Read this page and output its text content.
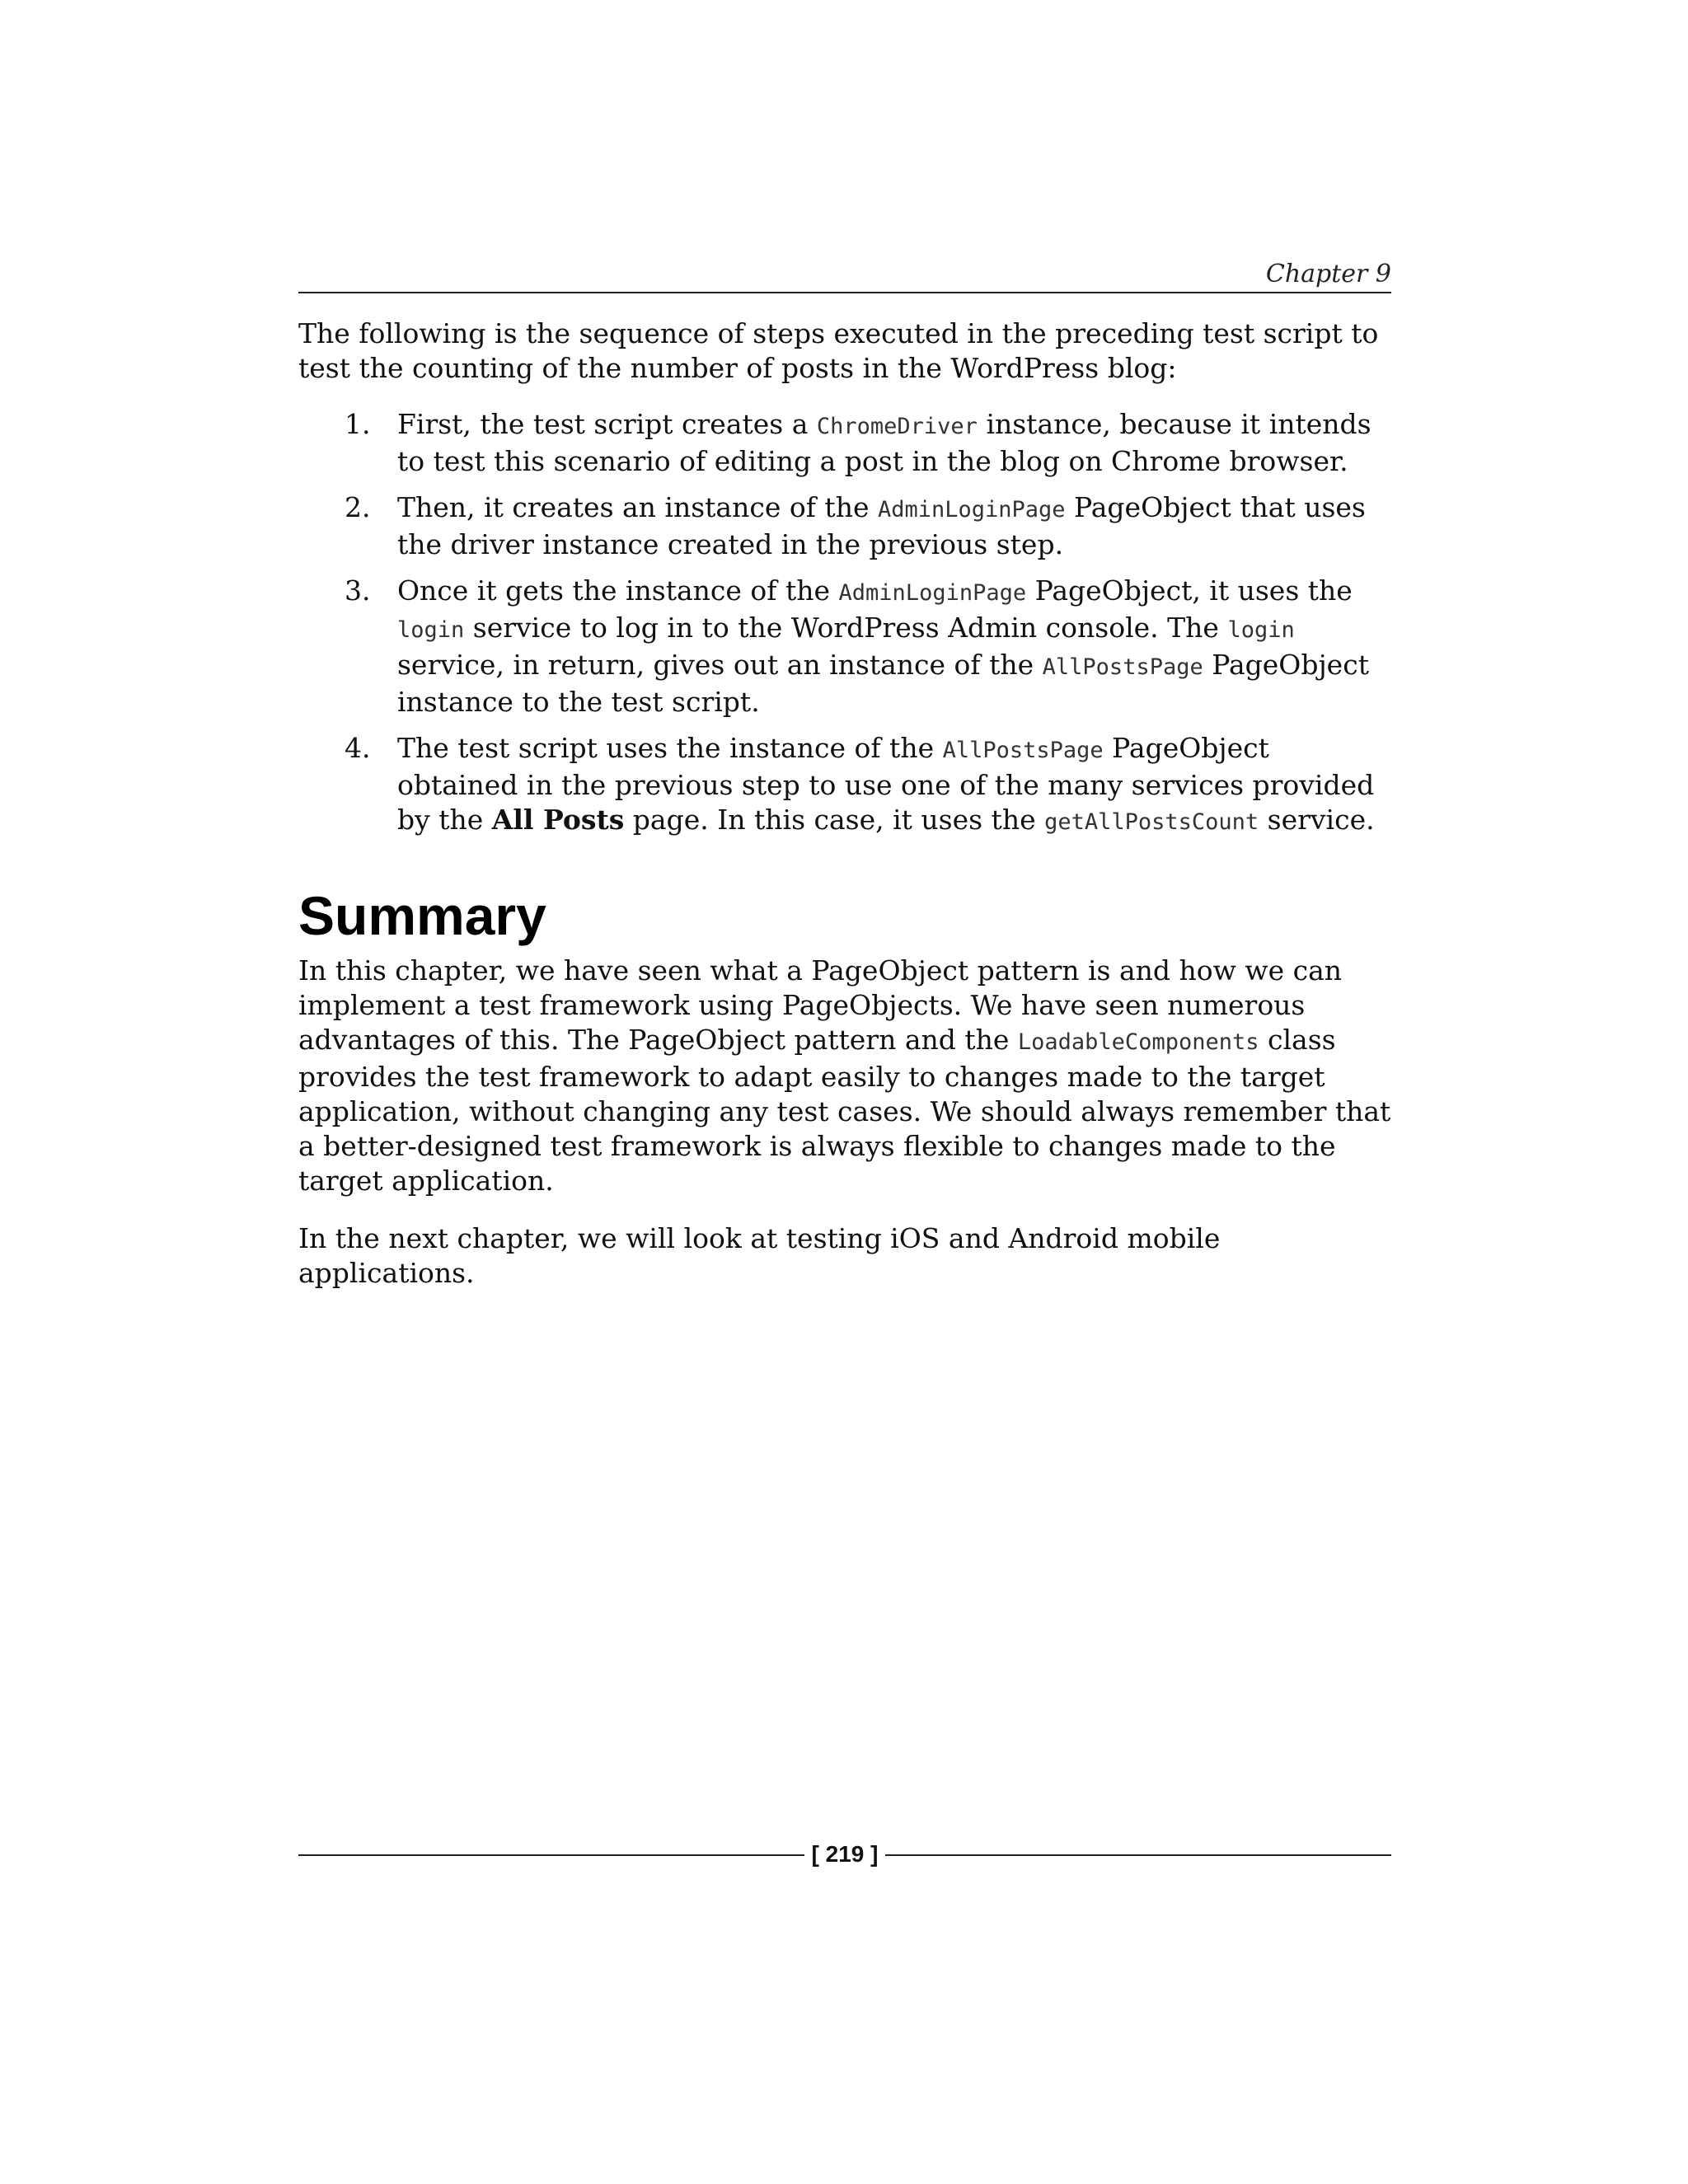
Chapter 9

The following is the sequence of steps executed in the preceding test script to test the counting of the number of posts in the WordPress blog:

1. First, the test script creates a ChromeDriver instance, because it intends to test this scenario of editing a post in the blog on Chrome browser.
2. Then, it creates an instance of the AdminLoginPage PageObject that uses the driver instance created in the previous step.
3. Once it gets the instance of the AdminLoginPage PageObject, it uses the login service to log in to the WordPress Admin console. The login service, in return, gives out an instance of the AllPostsPage PageObject instance to the test script.
4. The test script uses the instance of the AllPostsPage PageObject obtained in the previous step to use one of the many services provided by the All Posts page. In this case, it uses the getAllPostsCount service.
Summary

In this chapter, we have seen what a PageObject pattern is and how we can implement a test framework using PageObjects. We have seen numerous advantages of this. The PageObject pattern and the LoadableComponents class provides the test framework to adapt easily to changes made to the target application, without changing any test cases. We should always remember that a better-designed test framework is always flexible to changes made to the target application.

In the next chapter, we will look at testing iOS and Android mobile applications.

[ 219 ]
